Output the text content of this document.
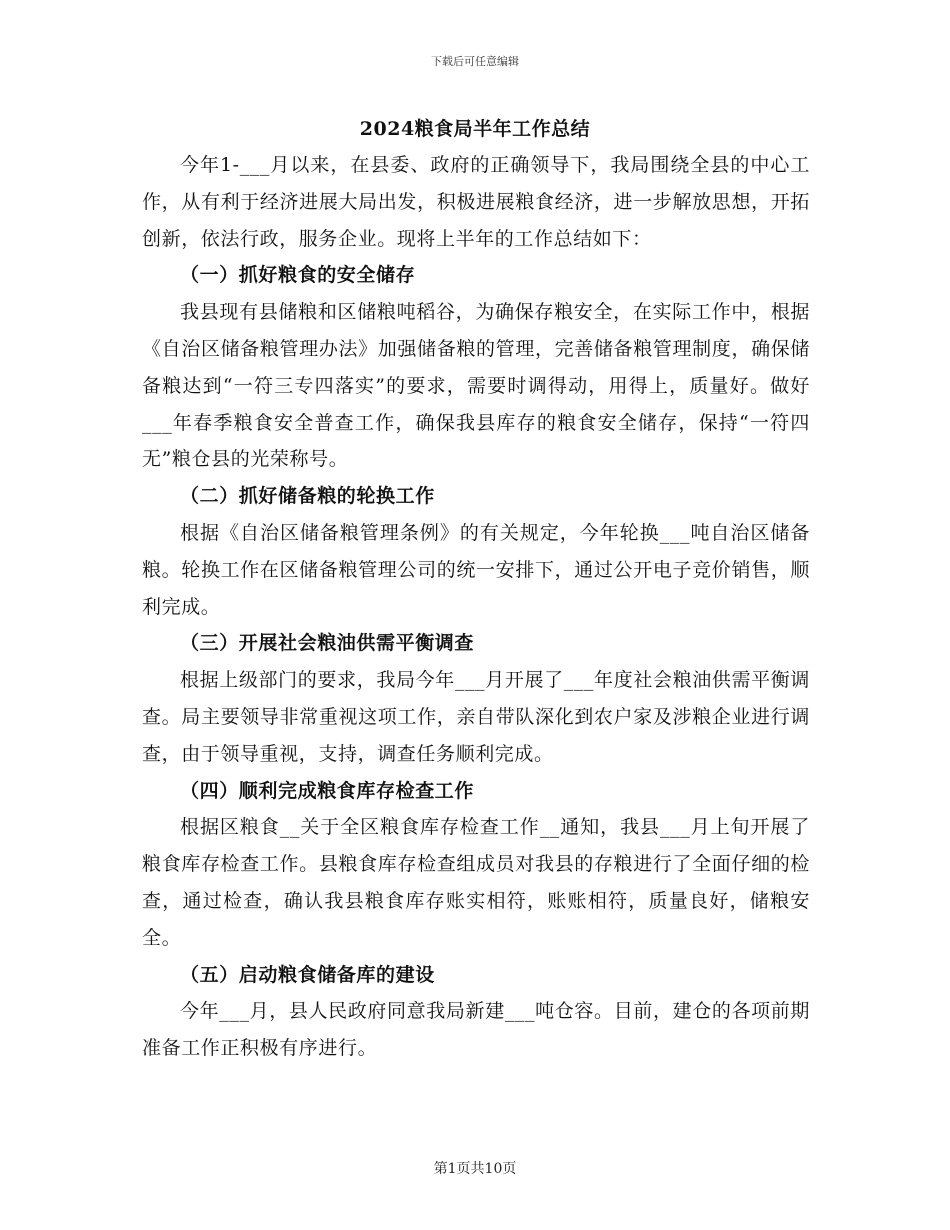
下载后可任意编辑
2024粮食局半年工作总结

今年1-___月以来，在县委、政府的正确领导下，我局围绕全县的中心工作，从有利于经济进展大局出发，积极进展粮食经济，进一步解放思想，开拓创新，依法行政，服务企业。现将上半年的工作总结如下：

（一）抓好粮食的安全储存

我县现有县储粮和区储粮吨稻谷，为确保存粮安全，在实际工作中，根据《自治区储备粮管理办法》加强储备粮的管理，完善储备粮管理制度，确保储备粮达到“一符三专四落实”的要求，需要时调得动，用得上，质量好。做好___年春季粮食安全普查工作，确保我县库存的粮食安全储存，保持“一符四无”粮仓县的光荣称号。

（二）抓好储备粮的轮换工作

根据《自治区储备粮管理条例》的有关规定，今年轮换___吨自治区储备粮。轮换工作在区储备粮管理公司的统一安排下，通过公开电子竞价销售，顺利完成。

（三）开展社会粮油供需平衡调查

根据上级部门的要求，我局今年___月开展了___年度社会粮油供需平衡调查。局主要领导非常重视这项工作，亲自带队深化到农户家及涉粮企业进行调查，由于领导重视，支持，调查任务顺利完成。

（四）顺利完成粮食库存检查工作

根据区粮食__关于全区粮食库存检查工作__通知，我县___月上旬开展了粮食库存检查工作。县粮食库存检查组成员对我县的存粮进行了全面仔细的检查，通过检查，确认我县粮食库存账实相符，账账相符，质量良好，储粮安全。

（五）启动粮食储备库的建设

今年___月，县人民政府同意我局新建___吨仓容。目前，建仓的各项前期准备工作正积极有序进行。

第1页共10页
